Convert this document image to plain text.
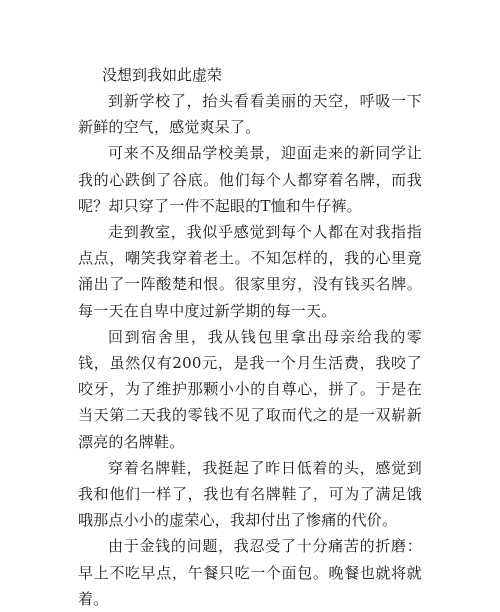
没想到我如此虚荣

到新学校了，抬头看看美丽的天空，呼吸一下新鲜的空气，感觉爽呆了。

可来不及细品学校美景，迎面走来的新同学让我的心跌倒了谷底。他们每个人都穿着名牌，而我呢？却只穿了一件不起眼的T恤和牛仔裤。

走到教室，我似乎感觉到每个人都在对我指指点点，嘲笑我穿着老土。不知怎样的，我的心里竟涌出了一阵酸楚和恨。很家里穷，没有钱买名牌。每一天在自卑中度过新学期的每一天。

回到宿舍里，我从钱包里拿出母亲给我的零钱，虽然仅有200元，是我一个月生活费，我咬了咬牙，为了维护那颗小小的自尊心，拼了。于是在当天第二天我的零钱不见了取而代之的是一双崭新漂亮的名牌鞋。

穿着名牌鞋，我挺起了昨日低着的头，感觉到我和他们一样了，我也有名牌鞋了，可为了满足饿哦那点小小的虚荣心，我却付出了惨痛的代价。

由于金钱的问题，我忍受了十分痛苦的折磨：早上不吃早点，午餐只吃一个面包。晚餐也就将就着。
